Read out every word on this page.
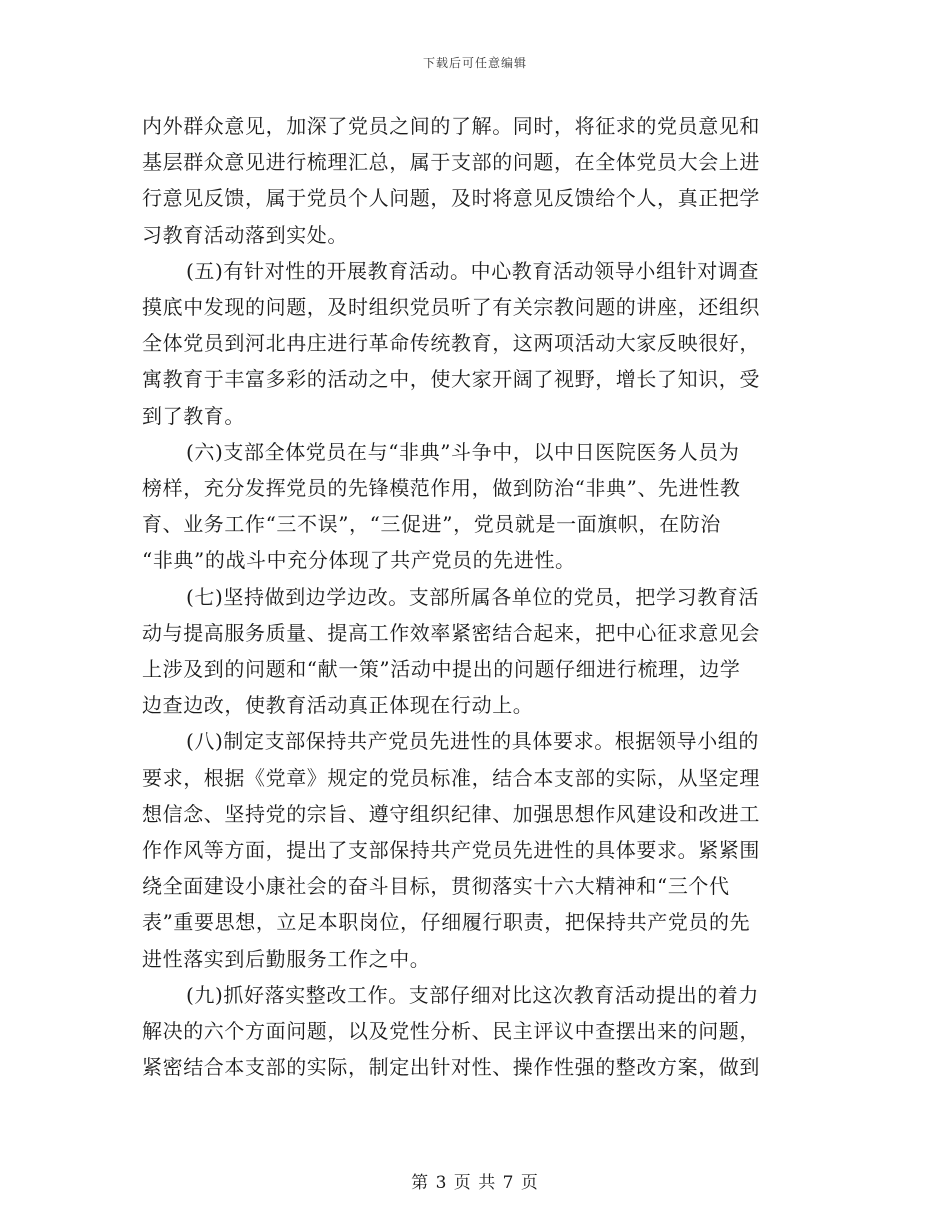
下载后可任意编辑

内外群众意见，加深了党员之间的了解。同时，将征求的党员意见和
基层群众意见进行梳理汇总，属于支部的问题，在全体党员大会上进
行意见反馈，属于党员个人问题，及时将意见反馈给个人，真正把学
习教育活动落到实处。

(五)有针对性的开展教育活动。中心教育活动领导小组针对调查
摸底中发现的问题，及时组织党员听了有关宗教问题的讲座，还组织
全体党员到河北冉庄进行革命传统教育，这两项活动大家反映很好，
寓教育于丰富多彩的活动之中，使大家开阔了视野，增长了知识，受
到了教育。

(六)支部全体党员在与“非典”斗争中，以中日医院医务人员为
榜样，充分发挥党员的先锋模范作用，做到防治“非典”、先进性教
育、业务工作“三不误”，“三促进”，党员就是一面旗帜，在防治
“非典”的战斗中充分体现了共产党员的先进性。

(七)坚持做到边学边改。支部所属各单位的党员，把学习教育活
动与提高服务质量、提高工作效率紧密结合起来，把中心征求意见会
上涉及到的问题和“献一策”活动中提出的问题仔细进行梳理，边学
边查边改，使教育活动真正体现在行动上。

(八)制定支部保持共产党员先进性的具体要求。根据领导小组的
要求，根据《党章》规定的党员标准，结合本支部的实际，从坚定理
想信念、坚持党的宗旨、遵守组织纪律、加强思想作风建设和改进工
作作风等方面，提出了支部保持共产党员先进性的具体要求。紧紧围
绕全面建设小康社会的奋斗目标，贯彻落实十六大精神和“三个代
表”重要思想，立足本职岗位，仔细履行职责，把保持共产党员的先
进性落实到后勤服务工作之中。

(九)抓好落实整改工作。支部仔细对比这次教育活动提出的着力
解决的六个方面问题，以及党性分析、民主评议中查摆出来的问题，
紧密结合本支部的实际，制定出针对性、操作性强的整改方案，做到

第 3 页 共 7 页
